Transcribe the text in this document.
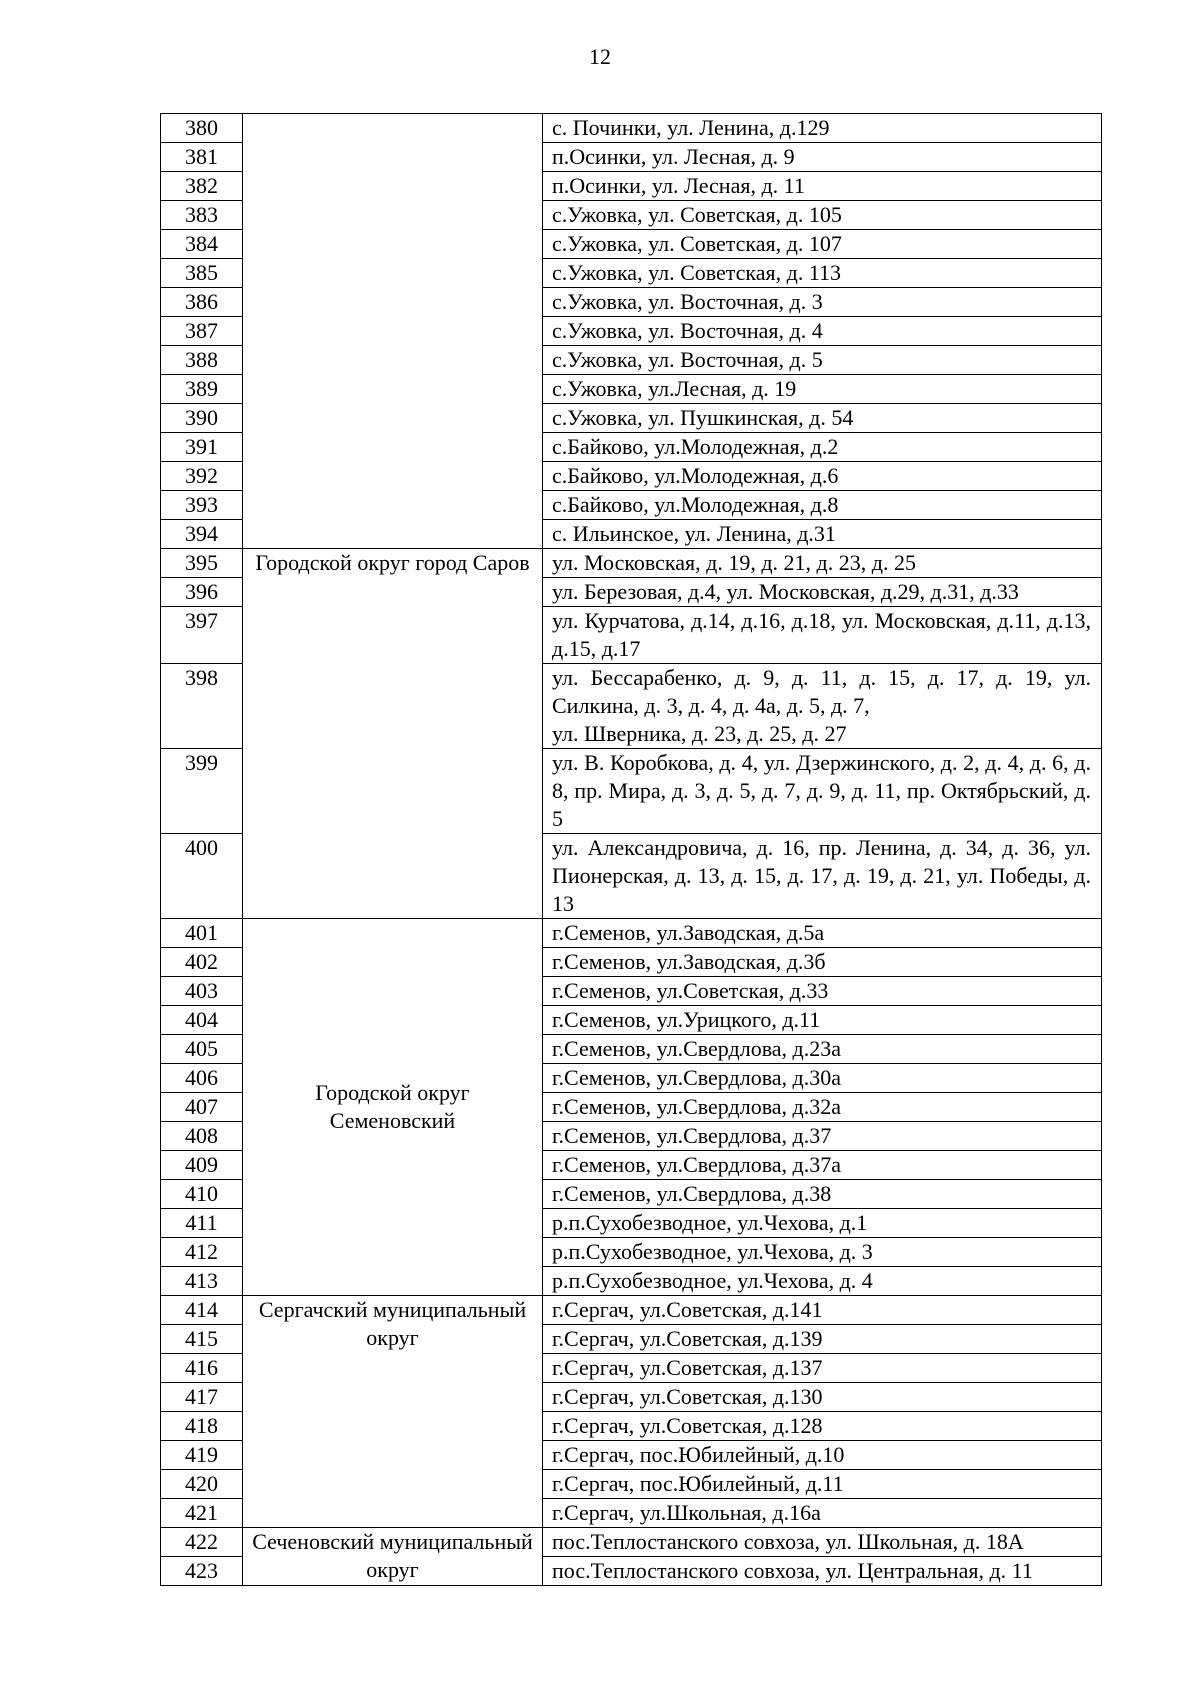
12
380		с. Починки, ул. Ленина, д.129
381		п.Осинки, ул. Лесная, д. 9
382		п.Осинки, ул. Лесная, д. 11
383		с.Ужовка, ул. Советская, д. 105
384		с.Ужовка, ул. Советская, д. 107
385		с.Ужовка, ул. Советская, д. 113
386		с.Ужовка, ул. Восточная, д. 3
387		с.Ужовка, ул. Восточная, д. 4
388		с.Ужовка, ул. Восточная, д. 5
389		с.Ужовка, ул.Лесная, д. 19
390		с.Ужовка, ул. Пушкинская, д. 54
391		с.Байково, ул.Молодежная, д.2
392		с.Байково, ул.Молодежная, д.6
393		с.Байково, ул.Молодежная, д.8
394		с. Ильинское, ул. Ленина, д.31
395	Городской округ город Саров	ул. Московская, д. 19, д. 21, д. 23, д. 25
396		ул. Березовая, д.4, ул. Московская, д.29, д.31, д.33
397		ул. Курчатова, д.14, д.16, д.18, ул. Московская, д.11, д.13, д.15, д.17
398		ул. Бессарабенко, д. 9, д. 11, д. 15, д. 17, д. 19, ул. Силкина, д. 3, д. 4, д. 4а, д. 5, д. 7,
ул. Шверника, д. 23, д. 25, д. 27
399		ул. В. Коробкова, д. 4, ул. Дзержинского, д. 2, д. 4, д. 6, д. 8, пр. Мира, д. 3, д. 5, д. 7, д. 9, д. 11, пр. Октябрьский, д. 5
400		ул. Александровича, д. 16, пр. Ленина, д. 34, д. 36, ул. Пионерская, д. 13, д. 15, д. 17, д. 19, д. 21, ул. Победы, д. 13
401	Городской округ Семеновский	г.Семенов, ул.Заводская, д.5а
402		г.Семенов, ул.Заводская, д.3б
403		г.Семенов, ул.Советская, д.33
404		г.Семенов, ул.Урицкого, д.11
405		г.Семенов, ул.Свердлова, д.23а
406		г.Семенов, ул.Свердлова, д.30а
407		г.Семенов, ул.Свердлова, д.32а
408		г.Семенов, ул.Свердлова, д.37
409		г.Семенов, ул.Свердлова, д.37а
410		г.Семенов, ул.Свердлова, д.38
411		р.п.Сухобезводное, ул.Чехова, д.1
412		р.п.Сухобезводное, ул.Чехова, д. 3
413		р.п.Сухобезводное, ул.Чехова, д. 4
414	Сергачский муниципальный округ	г.Сергач, ул.Советская, д.141
415		г.Сергач, ул.Советская, д.139
416		г.Сергач, ул.Советская, д.137
417		г.Сергач, ул.Советская, д.130
418		г.Сергач, ул.Советская, д.128
419		г.Сергач, пос.Юбилейный, д.10
420		г.Сергач, пос.Юбилейный, д.11
421		г.Сергач, ул.Школьная, д.16а
422	Сеченовский муниципальный округ	пос.Теплостанского совхоза, ул. Школьная, д. 18А
423		пос.Теплостанского совхоза, ул. Центральная, д. 11
